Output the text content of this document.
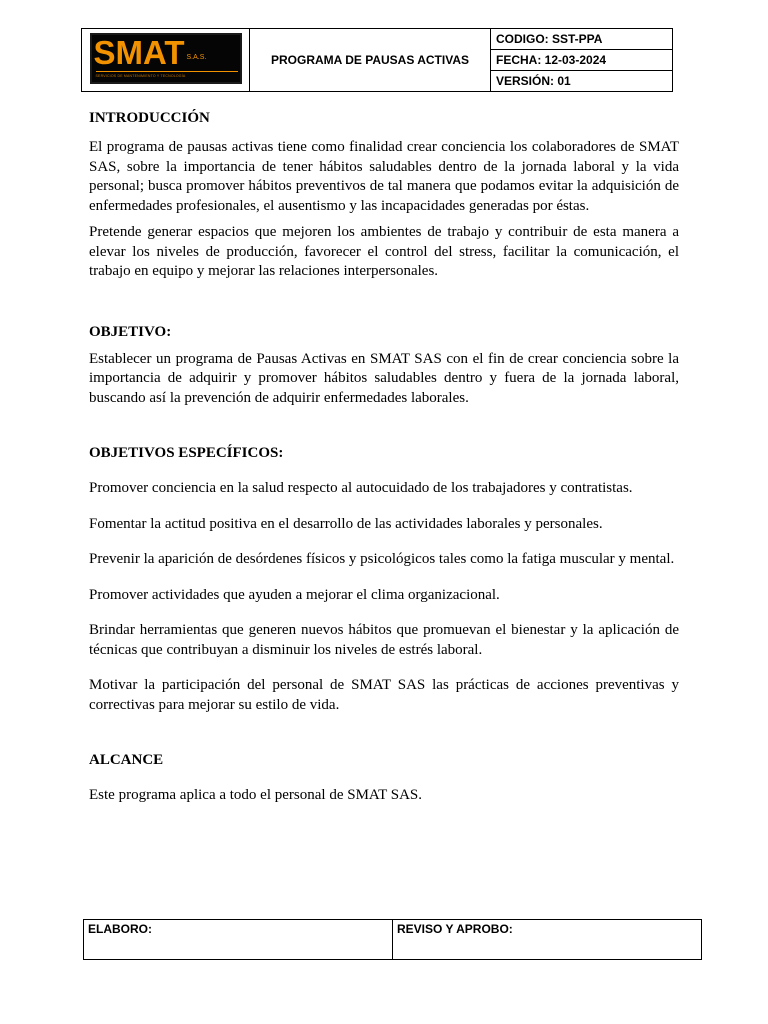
SMAT S.A.S.
SERVICIOS DE MANTENIMIENTO Y TECNOLOGÍA
	PROGRAMA DE PAUSAS ACTIVAS	CODIGO: SST-PPA
FECHA: 12-03-2024
VERSIÓN: 01
INTRODUCCIÓN

El programa de pausas activas tiene como finalidad crear conciencia los colaboradores de SMAT SAS, sobre la importancia de tener hábitos saludables dentro de la jornada laboral y la vida personal; busca promover hábitos preventivos de tal manera que podamos evitar la adquisición de enfermedades profesionales, el ausentismo y las incapacidades generadas por éstas.

Pretende generar espacios que mejoren los ambientes de trabajo y contribuir de esta manera a elevar los niveles de producción, favorecer el control del stress, facilitar la comunicación, el trabajo en equipo y mejorar las relaciones interpersonales.

OBJETIVO:

Establecer un programa de Pausas Activas en SMAT SAS con el fin de crear conciencia sobre la importancia de adquirir y promover hábitos saludables dentro y fuera de la jornada laboral, buscando así la prevención de adquirir enfermedades laborales.

OBJETIVOS ESPECÍFICOS:

Promover conciencia en la salud respecto al autocuidado de los trabajadores y contratistas.

Fomentar la actitud positiva en el desarrollo de las actividades laborales y personales.

Prevenir la aparición de desórdenes físicos y psicológicos tales como la fatiga muscular y mental.

Promover actividades que ayuden a mejorar el clima organizacional.

Brindar herramientas que generen nuevos hábitos que promuevan el bienestar y la aplicación de técnicas que contribuyan a disminuir los niveles de estrés laboral.

Motivar la participación del personal de SMAT SAS las prácticas de acciones preventivas y correctivas para mejorar su estilo de vida.

ALCANCE

Este programa aplica a todo el personal de SMAT SAS.

ELABORO:	REVISO Y APROBO:
